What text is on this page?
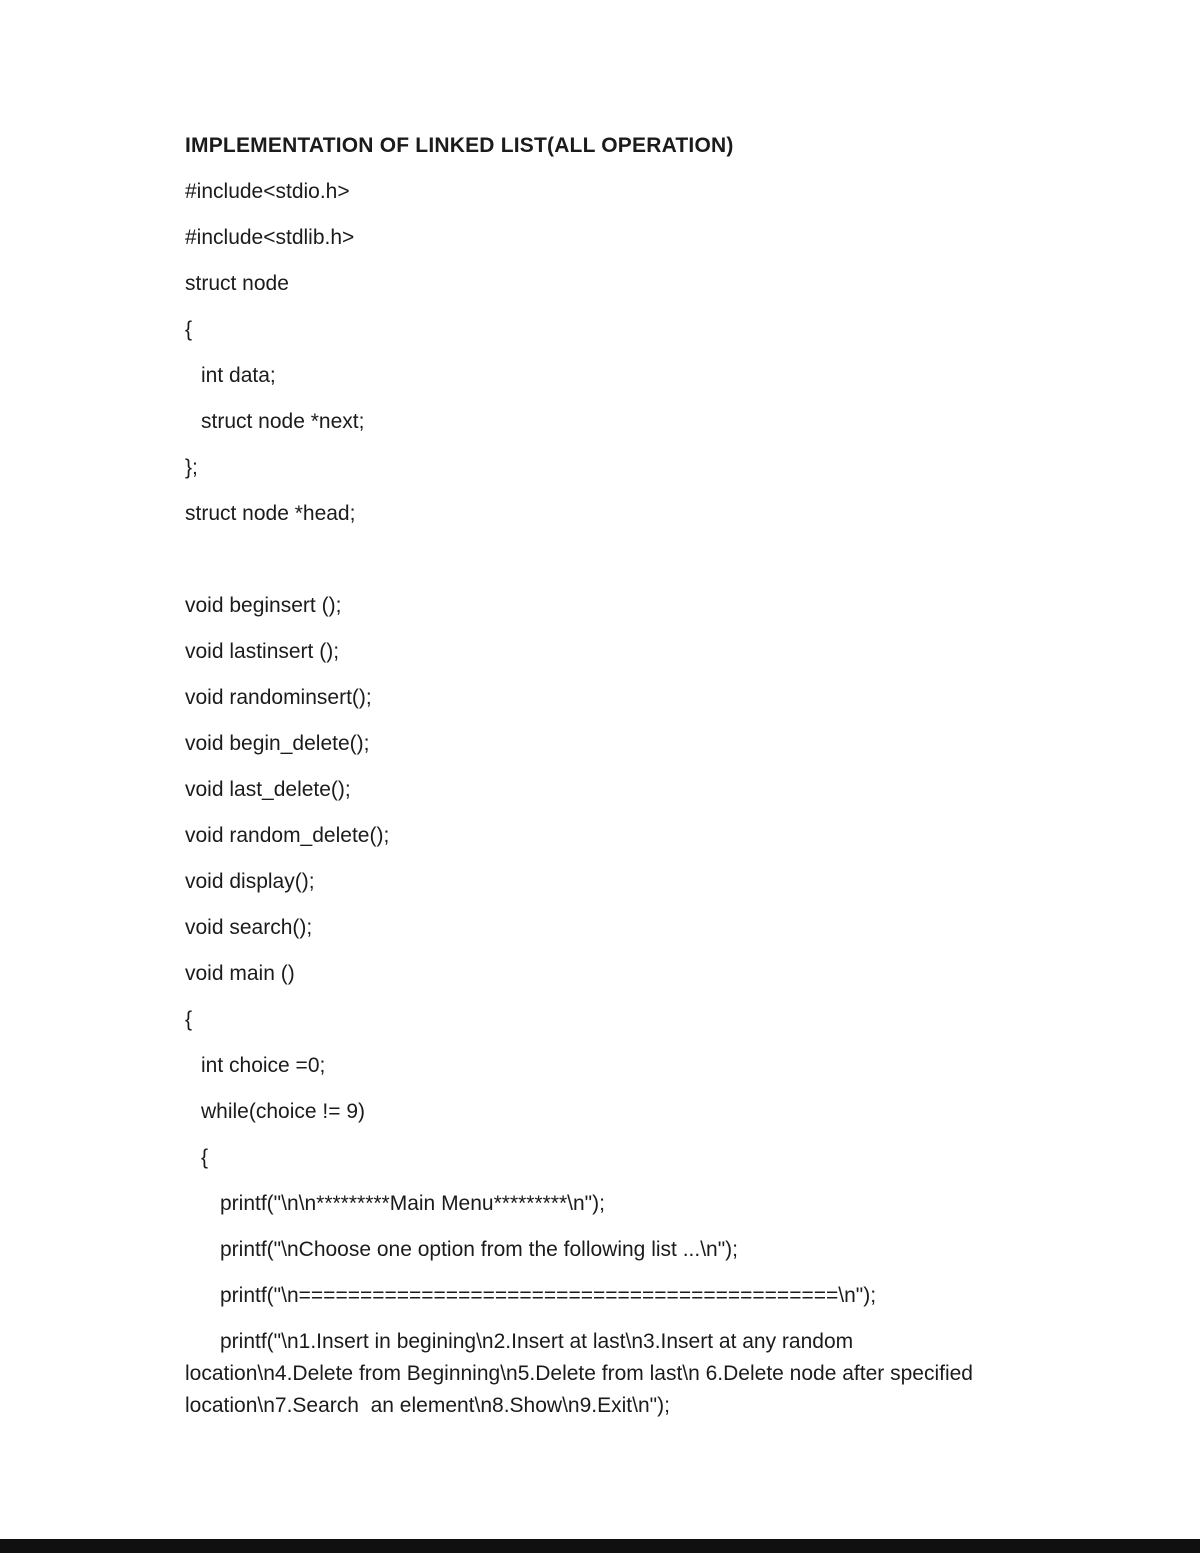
IMPLEMENTATION OF LINKED LIST(ALL OPERATION)
#include<stdio.h>
#include<stdlib.h>
struct node
{
int data;
struct node *next;
};
struct node *head;

void beginsert ();
void lastinsert ();
void randominsert();
void begin_delete();
void last_delete();
void random_delete();
void display();
void search();
void main ()
{
int choice =0;
while(choice != 9)
{
printf("\n\n*********Main Menu*********\n");
printf("\nChoose one option from the following list ...\n");
printf("\n============================================\n");
printf("\n1.Insert in begining\n2.Insert at last\n3.Insert at any random
location\n4.Delete from Beginning\n5.Delete from last\n 6.Delete node after specified
location\n7.Search  an element\n8.Show\n9.Exit\n");
